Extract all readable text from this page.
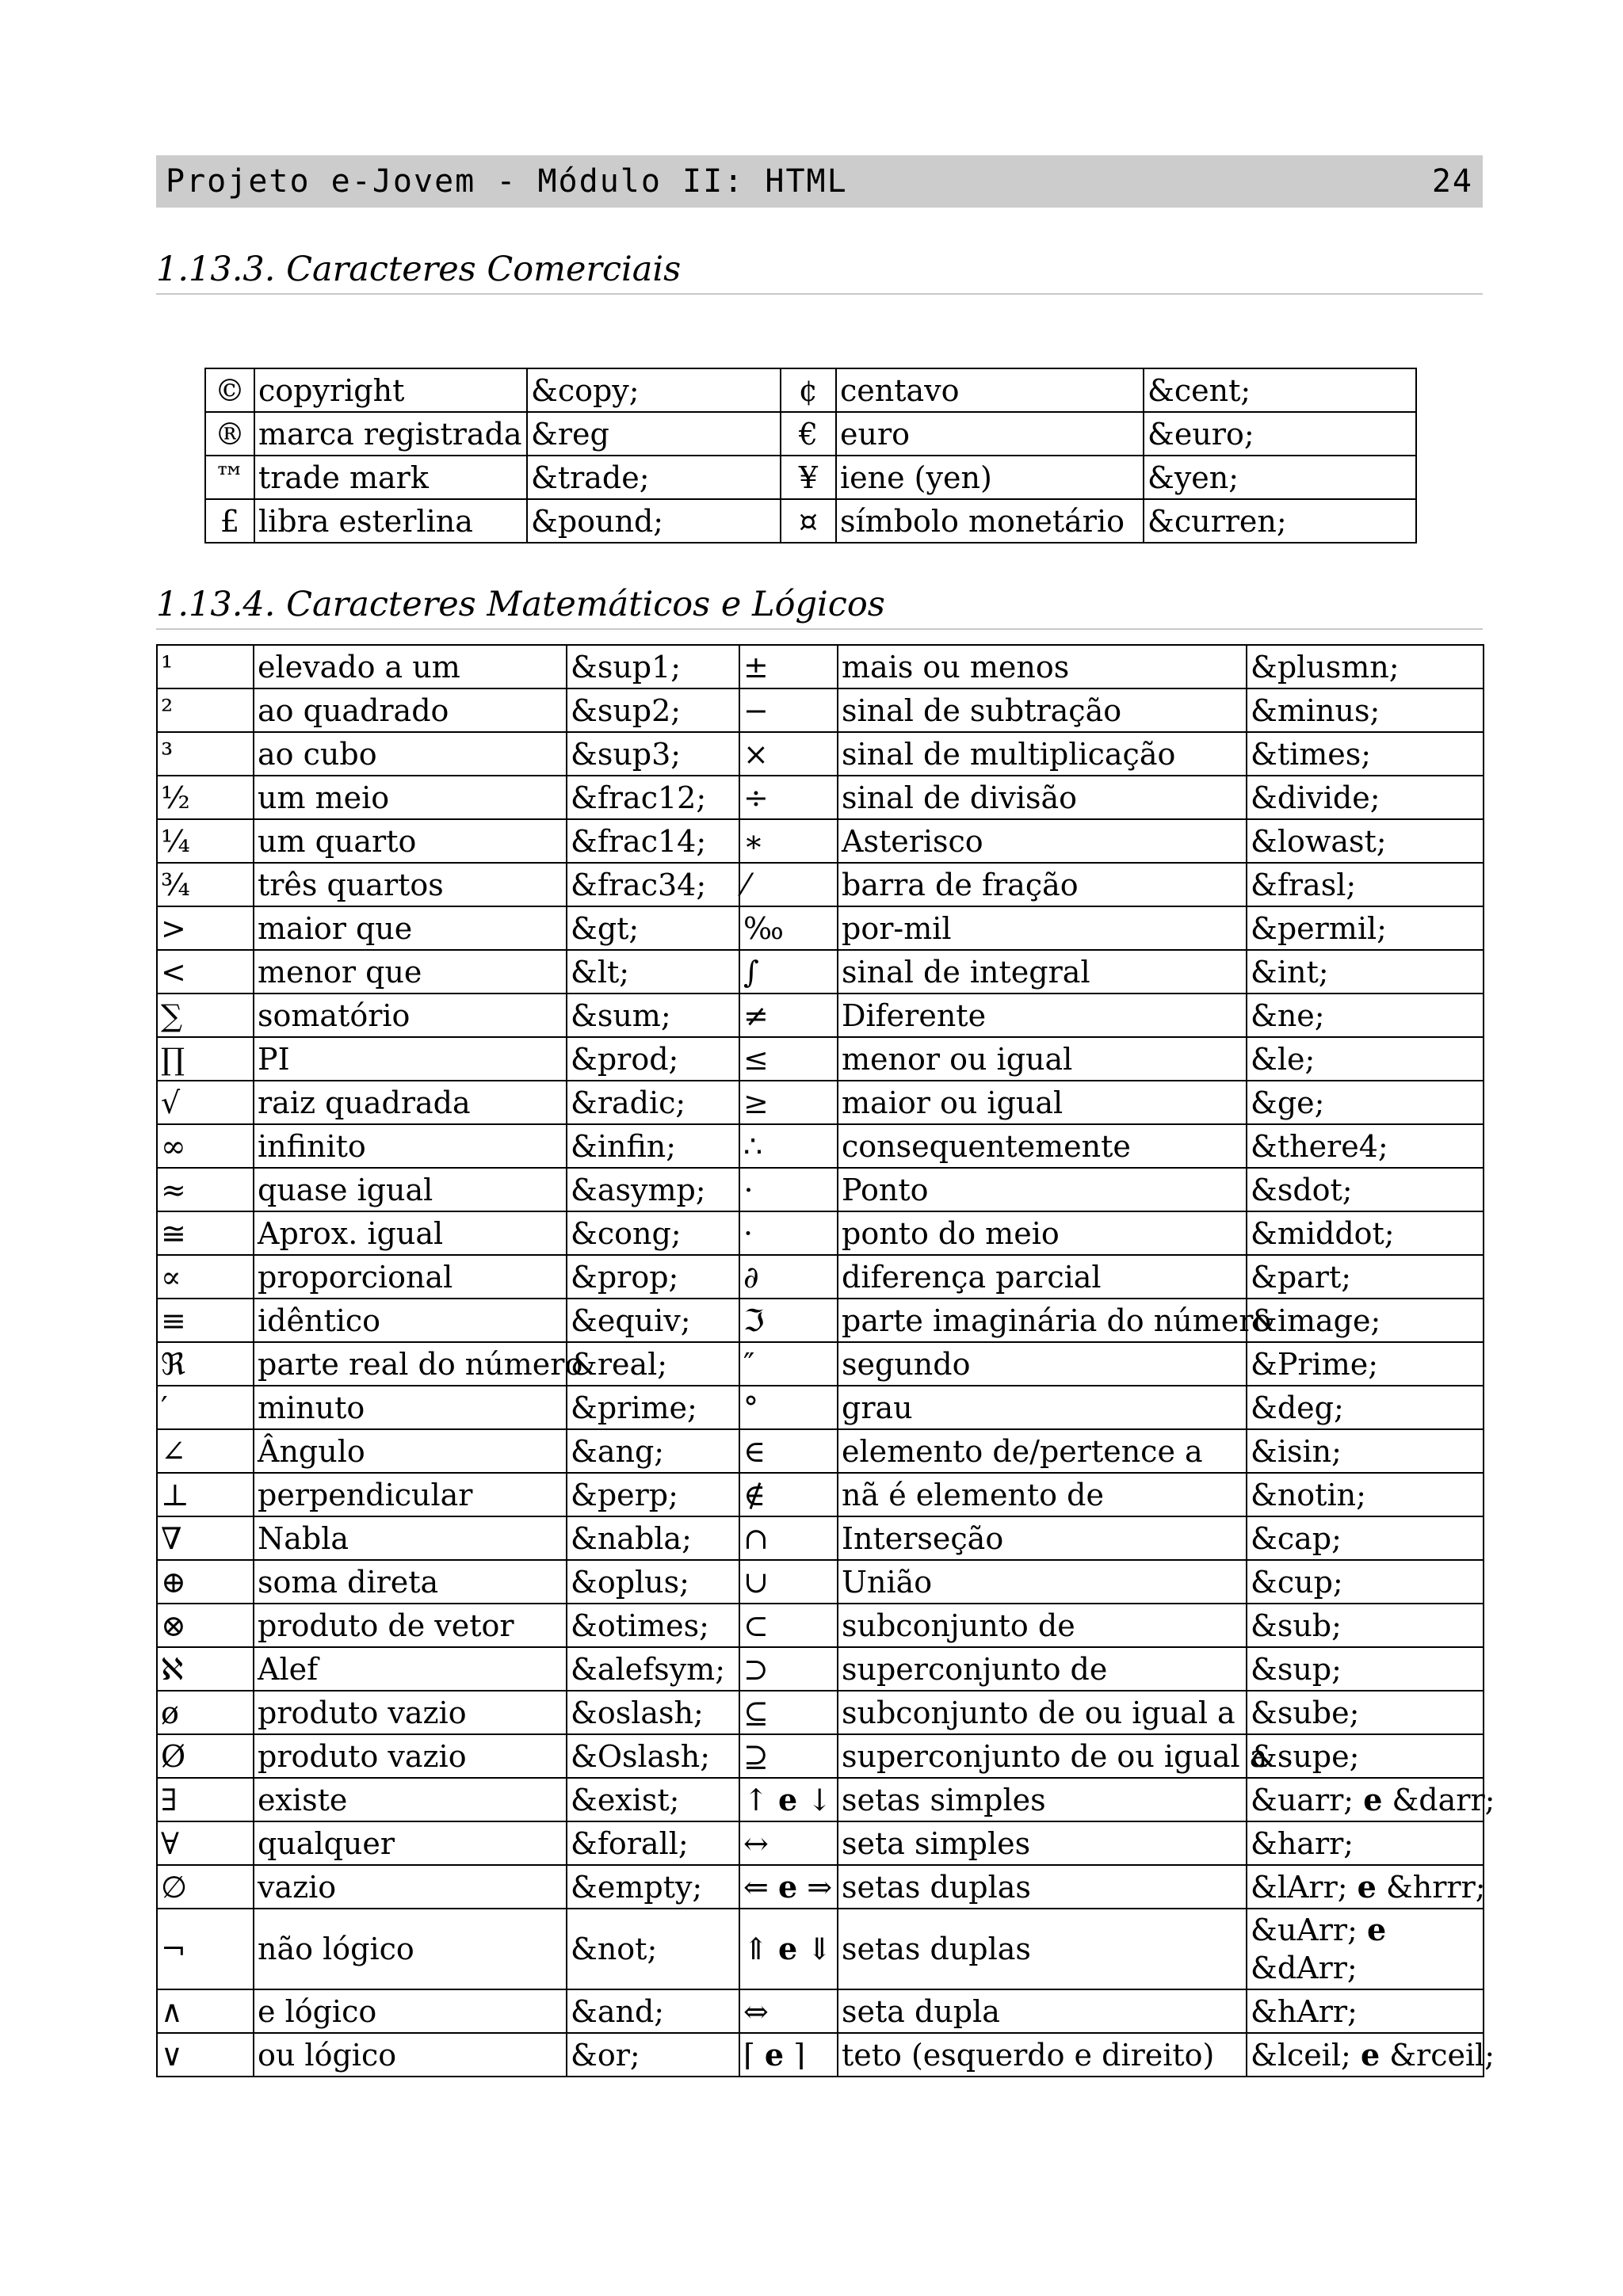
Projeto e-Jovem - Módulo II: HTML	24
1.13.3. Caracteres Comerciais
©	copyright	&copy;	¢	centavo	&cent;
®	marca registrada	&reg	€	euro	&euro;
™	trade mark	&trade;	¥	iene (yen)	&yen;
£	libra esterlina	&pound;	¤	símbolo monetário	&curren;
1.13.4. Caracteres Matemáticos e Lógicos
¹	elevado a um	&sup1;	±	mais ou menos	&plusmn;
²	ao quadrado	&sup2;	−	sinal de subtração	&minus;
³	ao cubo	&sup3;	×	sinal de multiplicação	&times;
½	um meio	&frac12;	÷	sinal de divisão	&divide;
¼	um quarto	&frac14;	∗	Asterisco	&lowast;
¾	três quartos	&frac34;	⁄	barra de fração	&frasl;
>	maior que	&gt;	‰	por-mil	&permil;
<	menor que	&lt;	∫	sinal de integral	&int;
∑	somatório	&sum;	≠	Diferente	&ne;
∏	PI	&prod;	≤	menor ou igual	&le;
√	raiz quadrada	&radic;	≥	maior ou igual	&ge;
∞	infinito	&infin;	∴	consequentemente	&there4;
≈	quase igual	&asymp;	⋅	Ponto	&sdot;
≅	Aprox. igual	&cong;	·	ponto do meio	&middot;
∝	proporcional	&prop;	∂	diferença parcial	&part;
≡	idêntico	&equiv;	ℑ	parte imaginária do número	&image;
ℜ	parte real do número	&real;	″	segundo	&Prime;
′	minuto	&prime;	°	grau	&deg;
∠	Ângulo	&ang;	∈	elemento de/pertence a	&isin;
⊥	perpendicular	&perp;	∉	nã é elemento de	&notin;
∇	Nabla	&nabla;	∩	Interseção	&cap;
⊕	soma direta	&oplus;	∪	União	&cup;
⊗	produto de vetor	&otimes;	⊂	subconjunto de	&sub;
ℵ	Alef	&alefsym;	⊃	superconjunto de	&sup;
ø	produto vazio	&oslash;	⊆	subconjunto de ou igual a	&sube;
Ø	produto vazio	&Oslash;	⊇	superconjunto de ou igual a	&supe;
∃	existe	&exist;	↑ e ↓	setas simples	&uarr; e &darr;
∀	qualquer	&forall;	↔	seta simples	&harr;
∅	vazio	&empty;	⇐ e ⇒	setas duplas	&lArr; e &hrrr;
¬	não lógico	&not;	⇑ e ⇓	setas duplas	&uArr; e &dArr;
∧	e lógico	&and;	⇔	seta dupla	&hArr;
∨	ou lógico	&or;	⌈ e ⌉	teto (esquerdo e direito)	&lceil; e &rceil;
